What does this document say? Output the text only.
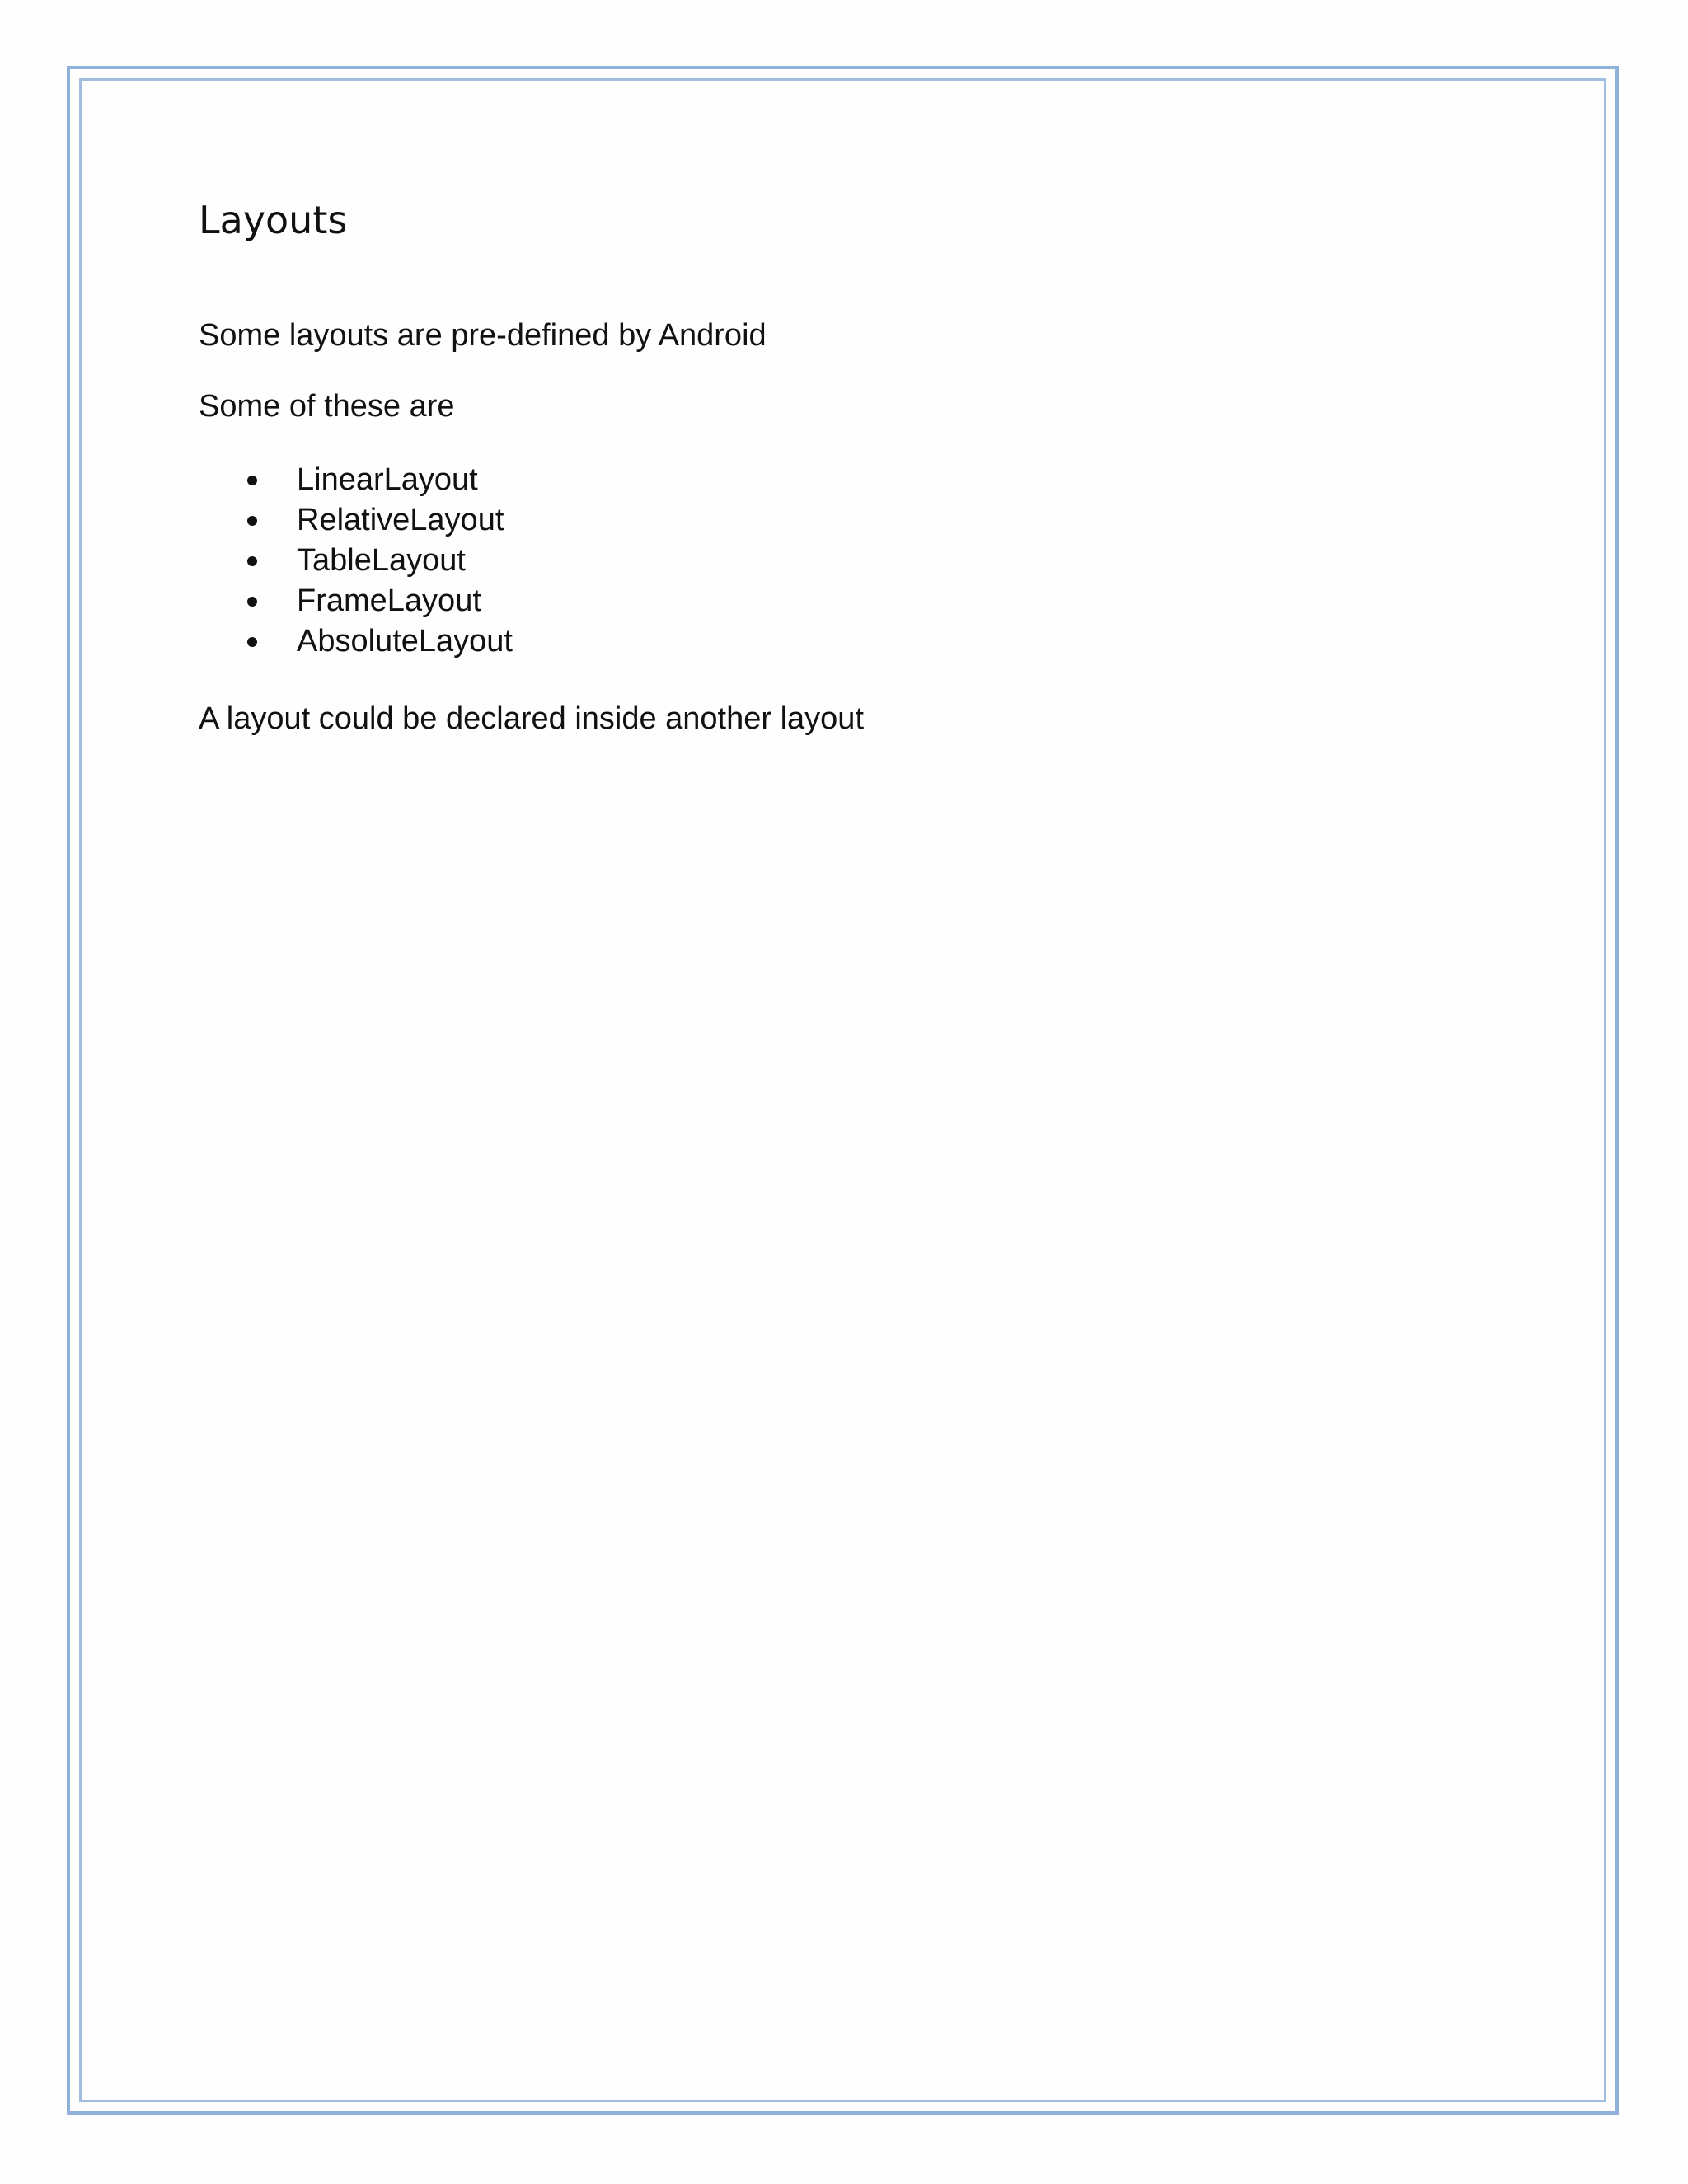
Layouts

Some layouts are pre-defined by Android

Some of these are

LinearLayout
RelativeLayout
TableLayout
FrameLayout
AbsoluteLayout

A layout could be declared inside another layout
